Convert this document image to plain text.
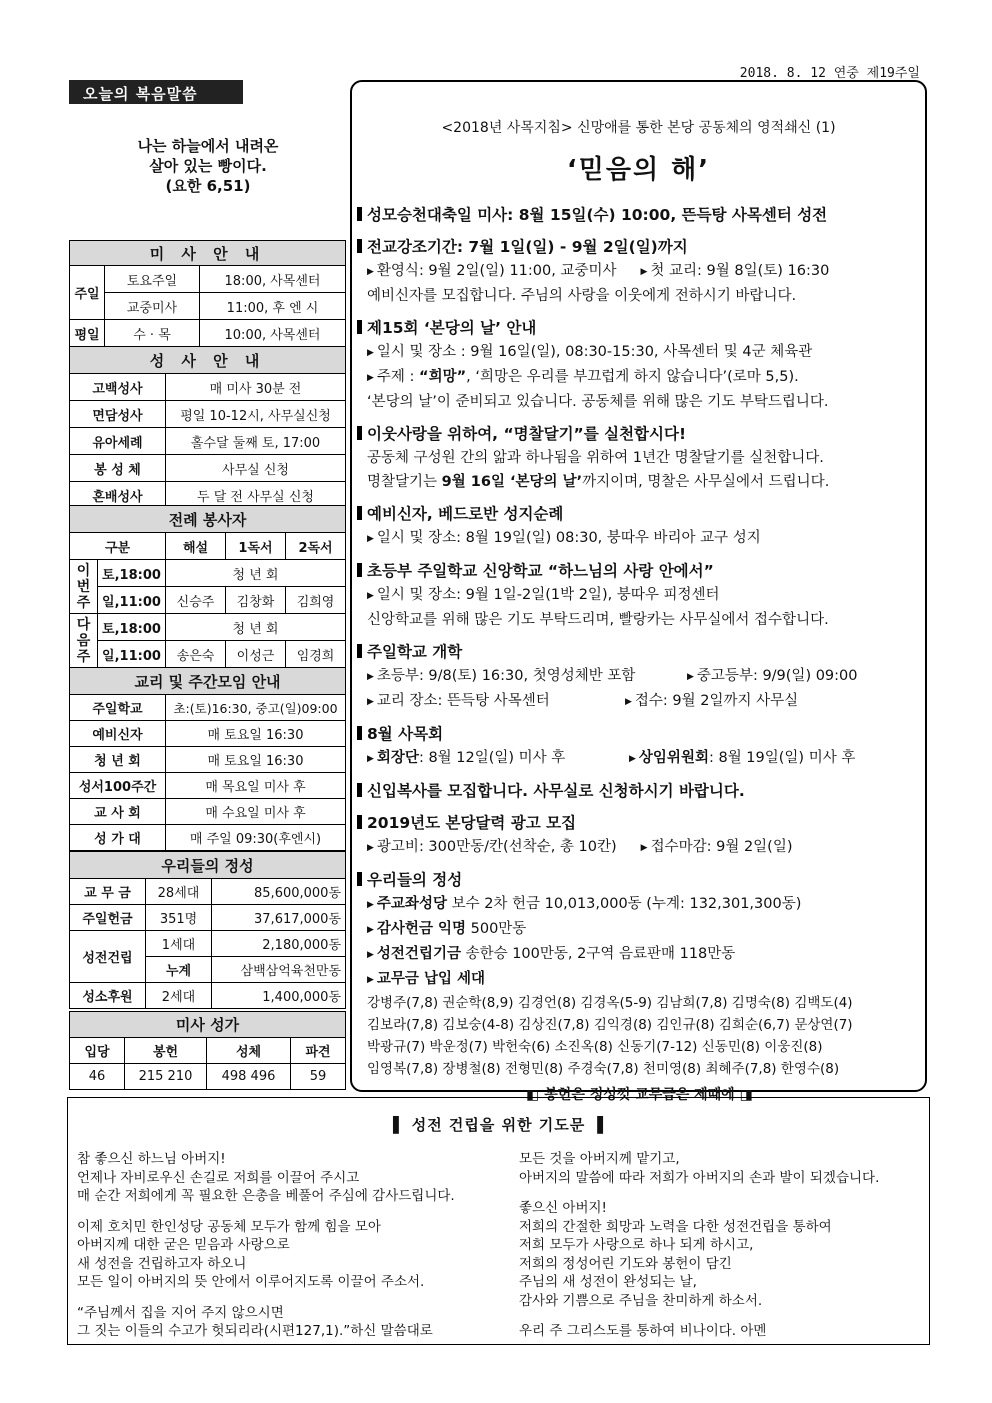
2018. 8. 12 연중 제19주일
오늘의 복음말씀
나는 하늘에서 내려온
살아 있는 빵이다.
(요한 6,51)
미 사 안 내			
주일	토요주일		18:00, 사목센터
	교중미사		11:00, 후 엔 시
평일	수 · 목		10:00, 사목센터
성 사 안 내			
고백성사		매 미사 30분 전	
면담성사		평일 10-12시, 사무실신청	
유아세례		홀수달 둘째 토, 17:00	
봉 성 체		사무실 신청	
혼배성사		두 달 전 사무실 신청	
전례 봉사자				
구분		해설	1독서	2독서
이번주	토,18:00	청 년 회		
	일,11:00	신승주	김창화	김희영
다음주	토,18:00	청 년 회		
	일,11:00	송은숙	이성근	임경희
교리 및 주간모임 안내	
주일학교	초:(토)16:30, 중고(일)09:00
예비신자	매 토요일 16:30
청 년 회	매 토요일 16:30
성서100주간	매 목요일 미사 후
교 사 회	매 수요일 미사 후
성 가 대	매 주일 09:30(후엔시)
우리들의 정성		
교 무 금	28세대	85,600,000동
주일헌금	351명	37,617,000동
성전건립	1세대	2,180,000동
	누계	삼백삼억육천만동
성소후원	2세대	1,400,000동
미사 성가			
입당	봉헌	성체	파견
46	215 210	498 496	59
<2018년 사목지침> 신망애를 통한 본당 공동체의 영적쇄신 (1)
‘믿음의 해’
성모승천대축일 미사: 8월 15일(수) 10:00, 뜬득탕 사목센터 성전
전교강조기간: 7월 1일(일) - 9월 2일(일)까지
▶ 환영식: 9월 2일(일) 11:00, 교중미사	▶ 첫 교리: 9월 8일(토) 16:30
예비신자를 모집합니다. 주님의 사랑을 이웃에게 전하시기 바랍니다.
제15회 ‘본당의 날’ 안내
▶ 일시 및 장소 : 9월 16일(일), 08:30-15:30, 사목센터 및 4군 체육관
▶ 주제 : “희망”, ‘희망은 우리를 부끄럽게 하지 않습니다’(로마 5,5).
‘본당의 날’이 준비되고 있습니다. 공동체를 위해 많은 기도 부탁드립니다.
이웃사랑을 위하여, “명찰달기”를 실천합시다!
공동체 구성원 간의 앎과 하나됨을 위하여 1년간 명찰달기를 실천합니다.
명찰달기는 9월 16일 ‘본당의 날’까지이며, 명찰은 사무실에서 드립니다.
예비신자, 베드로반 성지순례
▶ 일시 및 장소: 8월 19일(일) 08:30, 붕따우 바리아 교구 성지
초등부 주일학교 신앙학교 “하느님의 사랑 안에서”
▶ 일시 및 장소: 9월 1일-2일(1박 2일), 붕따우 피정센터
신앙학교를 위해 많은 기도 부탁드리며, 빨랑카는 사무실에서 접수합니다.
주일학교 개학
▶ 초등부: 9/8(토) 16:30, 첫영성체반 포함	▶ 중고등부: 9/9(일) 09:00
▶ 교리 장소: 뜬득탕 사목센터	▶ 접수: 9월 2일까지 사무실
8월 사목회
▶ 회장단: 8월 12일(일) 미사 후	▶ 상임위원회: 8월 19일(일) 미사 후
신입복사를 모집합니다. 사무실로 신청하시기 바랍니다.
2019년도 본당달력 광고 모집
▶ 광고비: 300만동/칸(선착순, 총 10칸)	▶ 접수마감: 9월 2일(일)
우리들의 정성
▶ 주교좌성당 보수 2차 헌금 10,013,000동 (누계: 132,301,300동)
▶ 감사헌금 익명 500만동
▶ 성전건립기금 송한승 100만동, 2구역 음료판매 118만동
▶ 교무금 납입 세대
강병주(7,8) 권순학(8,9) 김경언(8) 김경옥(5-9) 김남희(7,8) 김명숙(8) 김백도(4)
김보라(7,8) 김보숭(4-8) 김상진(7,8) 김익경(8) 김인규(8) 김희순(6,7) 문상연(7)
박광규(7) 박운정(7) 박헌숙(6) 소진옥(8) 신동기(7-12) 신동민(8) 이웅진(8)
임영복(7,8) 장병철(8) 전형민(8) 주경숙(7,8) 천미영(8) 최혜주(7,8) 한영수(8)
◧ 봉헌은 정성껏 교무금은 제때에 ◨
▌ 성전 건립을 위한 기도문 ▐
참 좋으신 하느님 아버지!
언제나 자비로우신 손길로 저희를 이끌어 주시고
매 순간 저희에게 꼭 필요한 은총을 베풀어 주심에 감사드립니다.
이제 호치민 한인성당 공동체 모두가 함께 힘을 모아
아버지께 대한 굳은 믿음과 사랑으로
새 성전을 건립하고자 하오니
모든 일이 아버지의 뜻 안에서 이루어지도록 이끌어 주소서.
“주님께서 집을 지어 주지 않으시면
그 짓는 이들의 수고가 헛되리라(시편127,1).”하신 말씀대로
모든 것을 아버지께 맡기고,
아버지의 말씀에 따라 저희가 아버지의 손과 발이 되겠습니다.
좋으신 아버지!
저희의 간절한 희망과 노력을 다한 성전건립을 통하여
저희 모두가 사랑으로 하나 되게 하시고,
저희의 정성어린 기도와 봉헌이 담긴
주님의 새 성전이 완성되는 날,
감사와 기쁨으로 주님을 찬미하게 하소서.
우리 주 그리스도를 통하여 비나이다. 아멘
